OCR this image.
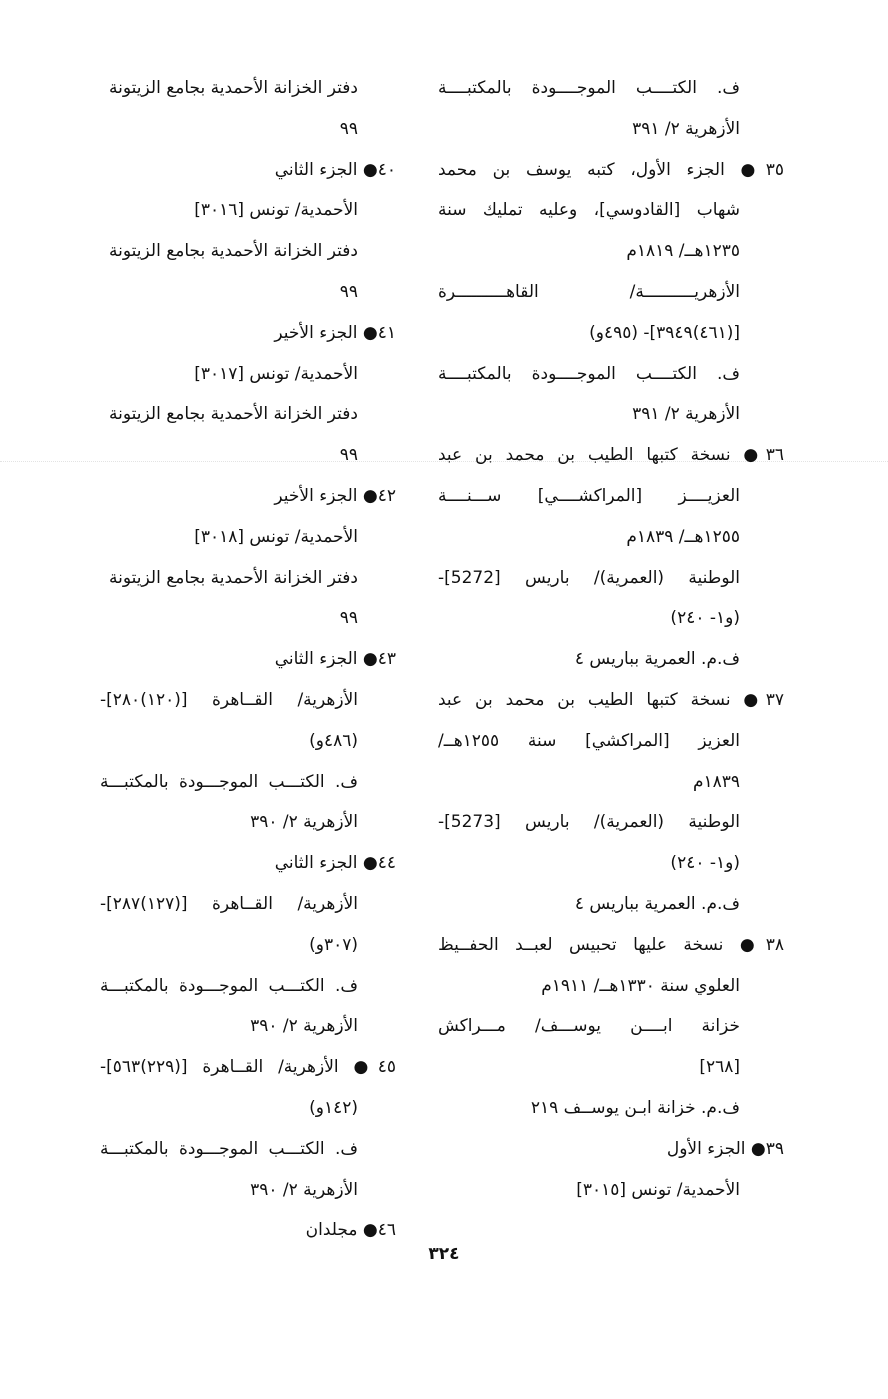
ف. الكتــــب الموجــــودة بالمكتبــــة
الأزهرية ٢/ ٣٩١
٣٥● الجزء الأول، كتبه يوسف بن محمد
شهاب [القادوسي]، وعليه تمليك سنة
١٢٣٥هــ/ ١٨١٩م
الأزهريــــــــــة/ القاهــــــــــرة
[(٤٦١)٣٩٤٩]- (٤٩٥و)
ف. الكتــــب الموجــــودة بالمكتبــــة
الأزهرية ٢/ ٣٩١
٣٦● نسخة كتبها الطيب بن محمد بن عبد
العزيــــز [المراكشــــي] ســـنــــة
١٢٥٥هــ/ ١٨٣٩م
الوطنية (العمرية)/ باريس [5272]-
(و١- ٢٤٠)
ف.م. العمرية بباريس ٤
٣٧● نسخة كتبها الطيب بن محمد بن عبد
العزيز [المراكشي] سنة ١٢٥٥هــ/
١٨٣٩م
الوطنية (العمرية)/ باريس [5273]-
(و١- ٢٤٠)
ف.م. العمرية بباريس ٤
٣٨● نسخة عليها تحبيس لعبــد الحفــيظ
العلوي سنة ١٣٣٠هــ/ ١٩١١م
خزانة ابــــن يوســـف/ مـــراكش
[٢٦٨]
ف.م. خزانة ابـن يوســف ٢١٩
٣٩● الجزء الأول
الأحمدية/ تونس [٣٠١٥]
دفتر الخزانة الأحمدية بجامع الزيتونة
٩٩
٤٠● الجزء الثاني
الأحمدية/ تونس [٣٠١٦]
دفتر الخزانة الأحمدية بجامع الزيتونة
٩٩
٤١● الجزء الأخير
الأحمدية/ تونس [٣٠١٧]
دفتر الخزانة الأحمدية بجامع الزيتونة
٩٩
٤٢● الجزء الأخير
الأحمدية/ تونس [٣٠١٨]
دفتر الخزانة الأحمدية بجامع الزيتونة
٩٩
٤٣● الجزء الثاني
الأزهرية/ القــاهرة [(١٢٠)٢٨٠]-
(٤٨٦و)
ف. الكتـــب الموجـــودة بالمكتبـــة
الأزهرية ٢/ ٣٩٠
٤٤● الجزء الثاني
الأزهرية/ القــاهرة [(١٢٧)٢٨٧]-
(٣٠٧و)
ف. الكتـــب الموجـــودة بالمكتبـــة
الأزهرية ٢/ ٣٩٠
٤٥● الأزهرية/ القــاهرة [(٢٢٩)٥٦٣]-
(١٤٢و)
ف. الكتـــب الموجـــودة بالمكتبـــة
الأزهرية ٢/ ٣٩٠
٤٦● مجلدان
٣٢٤
